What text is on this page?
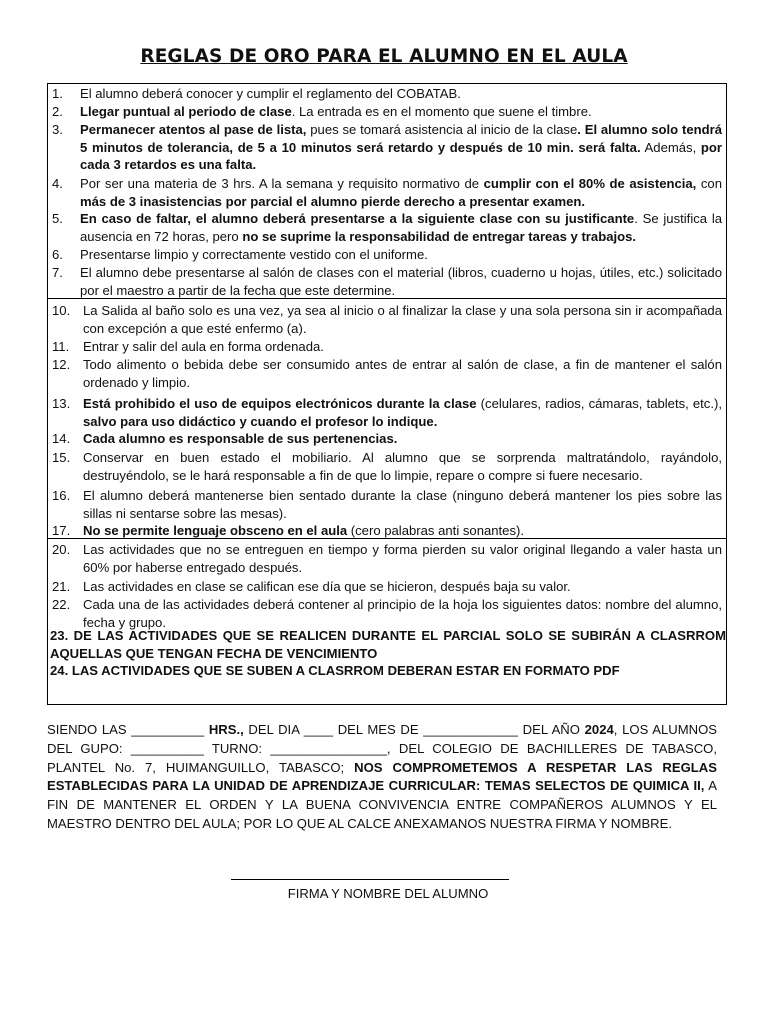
REGLAS DE ORO PARA EL ALUMNO EN EL AULA
23. DE LAS ACTIVIDADES QUE SE REALICEN DURANTE EL PARCIAL SOLO SE SUBIRÁN A CLASRROM AQUELLAS QUE TENGAN FECHA DE VENCIMIENTO
24. LAS ACTIVIDADES QUE SE SUBEN A CLASRROM DEBERAN ESTAR EN FORMATO PDF
1. El alumno deberá conocer y cumplir el reglamento del COBATAB.
2. Llegar puntual al periodo de clase. La entrada es en el momento que suene el timbre.
3. Permanecer atentos al pase de lista, pues se tomará asistencia al inicio de la clase. El alumno solo tendrá 5 minutos de tolerancia, de 5 a 10 minutos será retardo y después de 10 min. será falta. Además, por cada 3 retardos es una falta.
4. Por ser una materia de 3 hrs. A la semana y requisito normativo de cumplir con el 80% de asistencia, con más de 3 inasistencias por parcial el alumno pierde derecho a presentar examen.
5. En caso de faltar, el alumno deberá presentarse a la siguiente clase con su justificante. Se justifica la ausencia en 72 horas, pero no se suprime la responsabilidad de entregar tareas y trabajos.
6. Presentarse limpio y correctamente vestido con el uniforme.
7. El alumno debe presentarse al salón de clases con el material (libros, cuaderno u hojas, útiles, etc.) solicitado por el maestro a partir de la fecha que este determine.
10. La Salida al baño solo es una vez, ya sea al inicio o al finalizar la clase y una sola persona sin ir acompañada con excepción a que esté enfermo (a).
11. Entrar y salir del aula en forma ordenada.
12. Todo alimento o bebida debe ser consumido antes de entrar al salón de clase, a fin de mantener el salón ordenado y limpio.
13. Está prohibido el uso de equipos electrónicos durante la clase (celulares, radios, cámaras, tablets, etc.), salvo para uso didáctico y cuando el profesor lo indique.
14. Cada alumno es responsable de sus pertenencias.
15. Conservar en buen estado el mobiliario. Al alumno que se sorprenda maltratándolo, rayándolo, destruyéndolo, se le hará responsable a fin de que lo limpie, repare o compre si fuere necesario.
16. El alumno deberá mantenerse bien sentado durante la clase (ninguno deberá mantener los pies sobre las sillas ni sentarse sobre las mesas).
17. No se permite lenguaje obsceno en el aula (cero palabras anti sonantes).
20. Las actividades que no se entreguen en tiempo y forma pierden su valor original llegando a valer hasta un 60% por haberse entregado después.
21. Las actividades en clase se califican ese día que se hicieron, después baja su valor.
22. Cada una de las actividades deberá contener al principio de la hoja los siguientes datos: nombre del alumno, fecha y grupo.
SIENDO LAS __________ HRS., DEL DIA ____ DEL MES DE _____________ DEL AÑO 2024, LOS ALUMNOS DEL GUPO: __________ TURNO: ________________, DEL COLEGIO DE BACHILLERES DE TABASCO, PLANTEL No. 7, HUIMANGUILLO, TABASCO; NOS COMPROMETEMOS A RESPETAR LAS REGLAS ESTABLECIDAS PARA LA UNIDAD DE APRENDIZAJE CURRICULAR: TEMAS SELECTOS DE QUIMICA II, A FIN DE MANTENER EL ORDEN Y LA BUENA CONVIVENCIA ENTRE COMPAÑEROS ALUMNOS Y EL MAESTRO DENTRO DEL AULA; POR LO QUE AL CALCE ANEXAMANOS NUESTRA FIRMA Y NOMBRE.
FIRMA Y NOMBRE DEL ALUMNO
